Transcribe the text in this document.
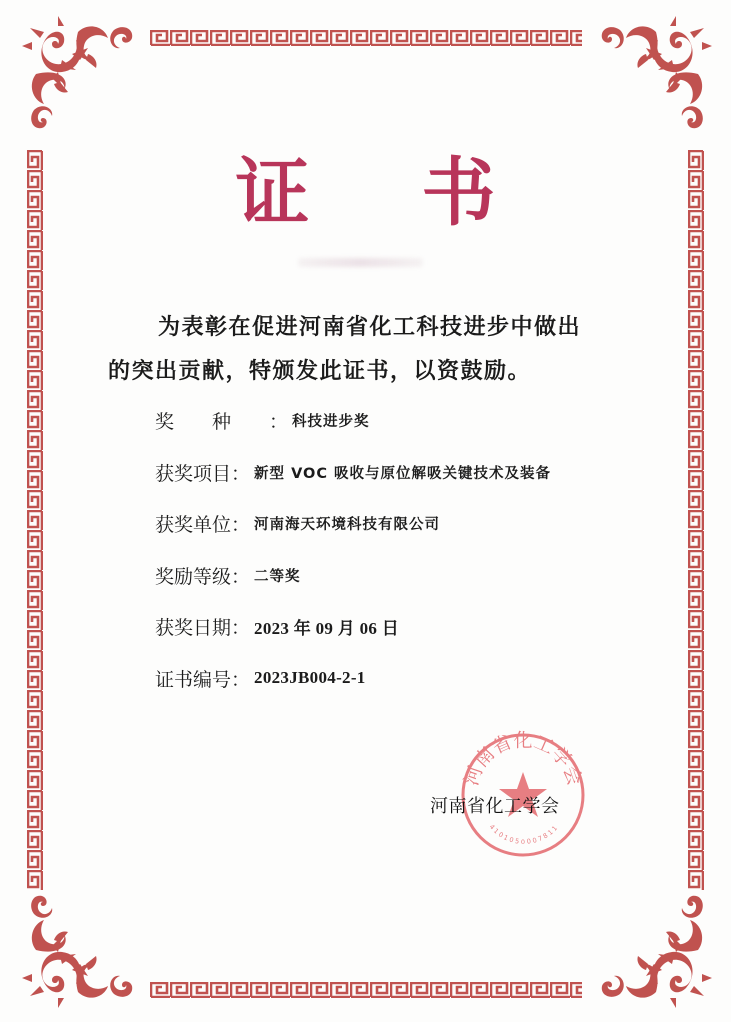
证书
为表彰在促进河南省化工科技进步中做出
的突出贡献，特颁发此证书，以资鼓励。
奖种 ： 科技进步奖
获奖项目 ： 新型 VOC 吸收与原位解吸关键技术及装备
获奖单位 ： 河南海天环境科技有限公司
奖励等级 ： 二等奖
获奖日期 ： 2023 年 09 月 06 日
证书编号 ： 2023JB004-2-1
河南省化工学会
4101050007811
河南省化工学会
